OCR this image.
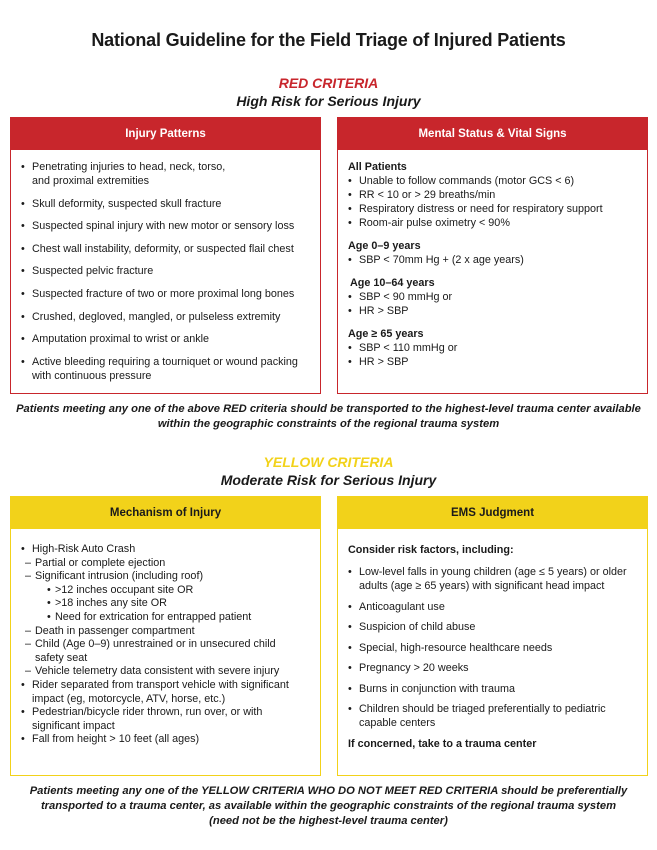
National Guideline for the Field Triage of Injured Patients
RED CRITERIA
High Risk for Serious Injury
Injury Patterns
• Penetrating injuries to head, neck, torso,
and proximal extremities
• Skull deformity, suspected skull fracture
• Suspected spinal injury with new motor or sensory loss
• Chest wall instability, deformity, or suspected flail chest
• Suspected pelvic fracture
• Suspected fracture of two or more proximal long bones
• Crushed, degloved, mangled, or pulseless extremity
• Amputation proximal to wrist or ankle
• Active bleeding requiring a tourniquet or wound packing
with continuous pressure
Mental Status & Vital Signs
All Patients
• Unable to follow commands (motor GCS < 6)
• RR < 10 or > 29 breaths/min
• Respiratory distress or need for respiratory support
• Room-air pulse oximetry < 90%
Age 0–9 years
• SBP < 70mm Hg + (2 x age years)
Age 10–64 years
• SBP < 90 mmHg or
• HR > SBP
Age ≥ 65 years
• SBP < 110 mmHg or
• HR > SBP
Patients meeting any one of the above RED criteria should be transported to the highest-level trauma center available
within the geographic constraints of the regional trauma system
YELLOW CRITERIA
Moderate Risk for Serious Injury
Mechanism of Injury
• High-Risk Auto Crash
– Partial or complete ejection
– Significant intrusion (including roof)
• >12 inches occupant site OR
• >18 inches any site OR
• Need for extrication for entrapped patient
– Death in passenger compartment
– Child (Age 0–9) unrestrained or in unsecured child
safety seat
– Vehicle telemetry data consistent with severe injury
• Rider separated from transport vehicle with significant
impact (eg, motorcycle, ATV, horse, etc.)
• Pedestrian/bicycle rider thrown, run over, or with
significant impact
• Fall from height > 10 feet (all ages)
EMS Judgment
Consider risk factors, including:
• Low-level falls in young children (age ≤ 5 years) or older
adults (age ≥ 65 years) with significant head impact
• Anticoagulant use
• Suspicion of child abuse
• Special, high-resource healthcare needs
• Pregnancy > 20 weeks
• Burns in conjunction with trauma
• Children should be triaged preferentially to pediatric
capable centers
If concerned, take to a trauma center
Patients meeting any one of the YELLOW CRITERIA WHO DO NOT MEET RED CRITERIA should be preferentially
transported to a trauma center, as available within the geographic constraints of the regional trauma system
(need not be the highest-level trauma center)
